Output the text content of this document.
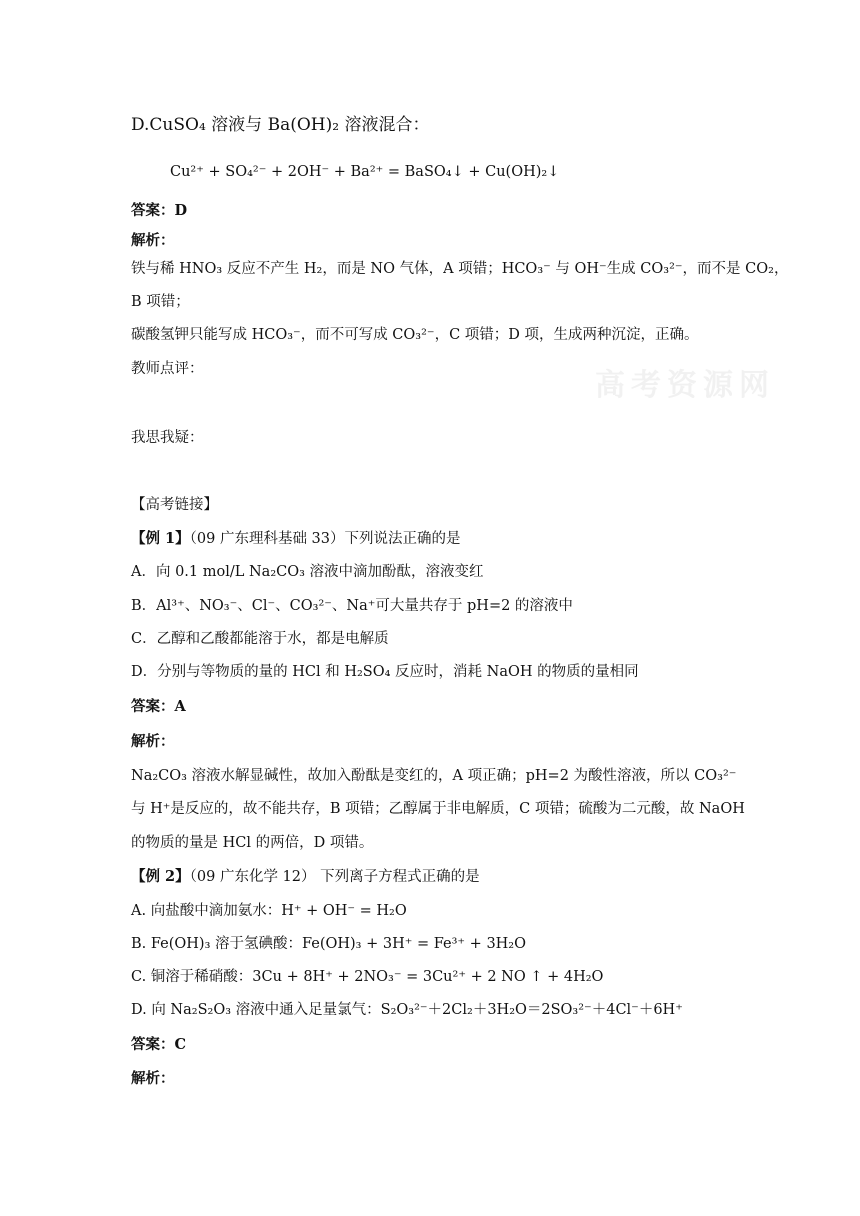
高考资源网
D.CuSO₄ 溶液与 Ba(OH)₂ 溶液混合：
Cu²⁺ + SO₄²⁻ + 2OH⁻ + Ba²⁺ = BaSO₄↓ + Cu(OH)₂↓
答案：D
解析：
铁与稀 HNO₃ 反应不产生 H₂，而是 NO 气体，A 项错；HCO₃⁻ 与 OH⁻生成 CO₃²⁻，而不是 CO₂，
B 项错；
碳酸氢钾只能写成 HCO₃⁻，而不可写成 CO₃²⁻，C 项错；D 项，生成两种沉淀，正确。
教师点评：
我思我疑：
【高考链接】
【例 1】（09 广东理科基础 33）下列说法正确的是
A．向 0.1 mol/L Na₂CO₃ 溶液中滴加酚酞，溶液变红
B．Al³⁺、NO₃⁻、Cl⁻、CO₃²⁻、Na⁺可大量共存于 pH=2 的溶液中
C．乙醇和乙酸都能溶于水，都是电解质
D．分别与等物质的量的 HCl 和 H₂SO₄ 反应时，消耗 NaOH 的物质的量相同
答案：A
解析：
Na₂CO₃ 溶液水解显碱性，故加入酚酞是变红的，A 项正确；pH=2 为酸性溶液，所以 CO₃²⁻
与 H⁺是反应的，故不能共存，B 项错；乙醇属于非电解质，C 项错；硫酸为二元酸，故 NaOH
的物质的量是 HCl 的两倍，D 项错。
【例 2】（09 广东化学 12） 下列离子方程式正确的是
A. 向盐酸中滴加氨水：H⁺ + OH⁻ = H₂O
B. Fe(OH)₃ 溶于氢碘酸：Fe(OH)₃ + 3H⁺ = Fe³⁺ + 3H₂O
C. 铜溶于稀硝酸：3Cu + 8H⁺ + 2NO₃⁻ = 3Cu²⁺ + 2 NO ↑ + 4H₂O
D. 向 Na₂S₂O₃ 溶液中通入足量氯气：S₂O₃²⁻＋2Cl₂＋3H₂O＝2SO₃²⁻＋4Cl⁻＋6H⁺
答案：C
解析：
